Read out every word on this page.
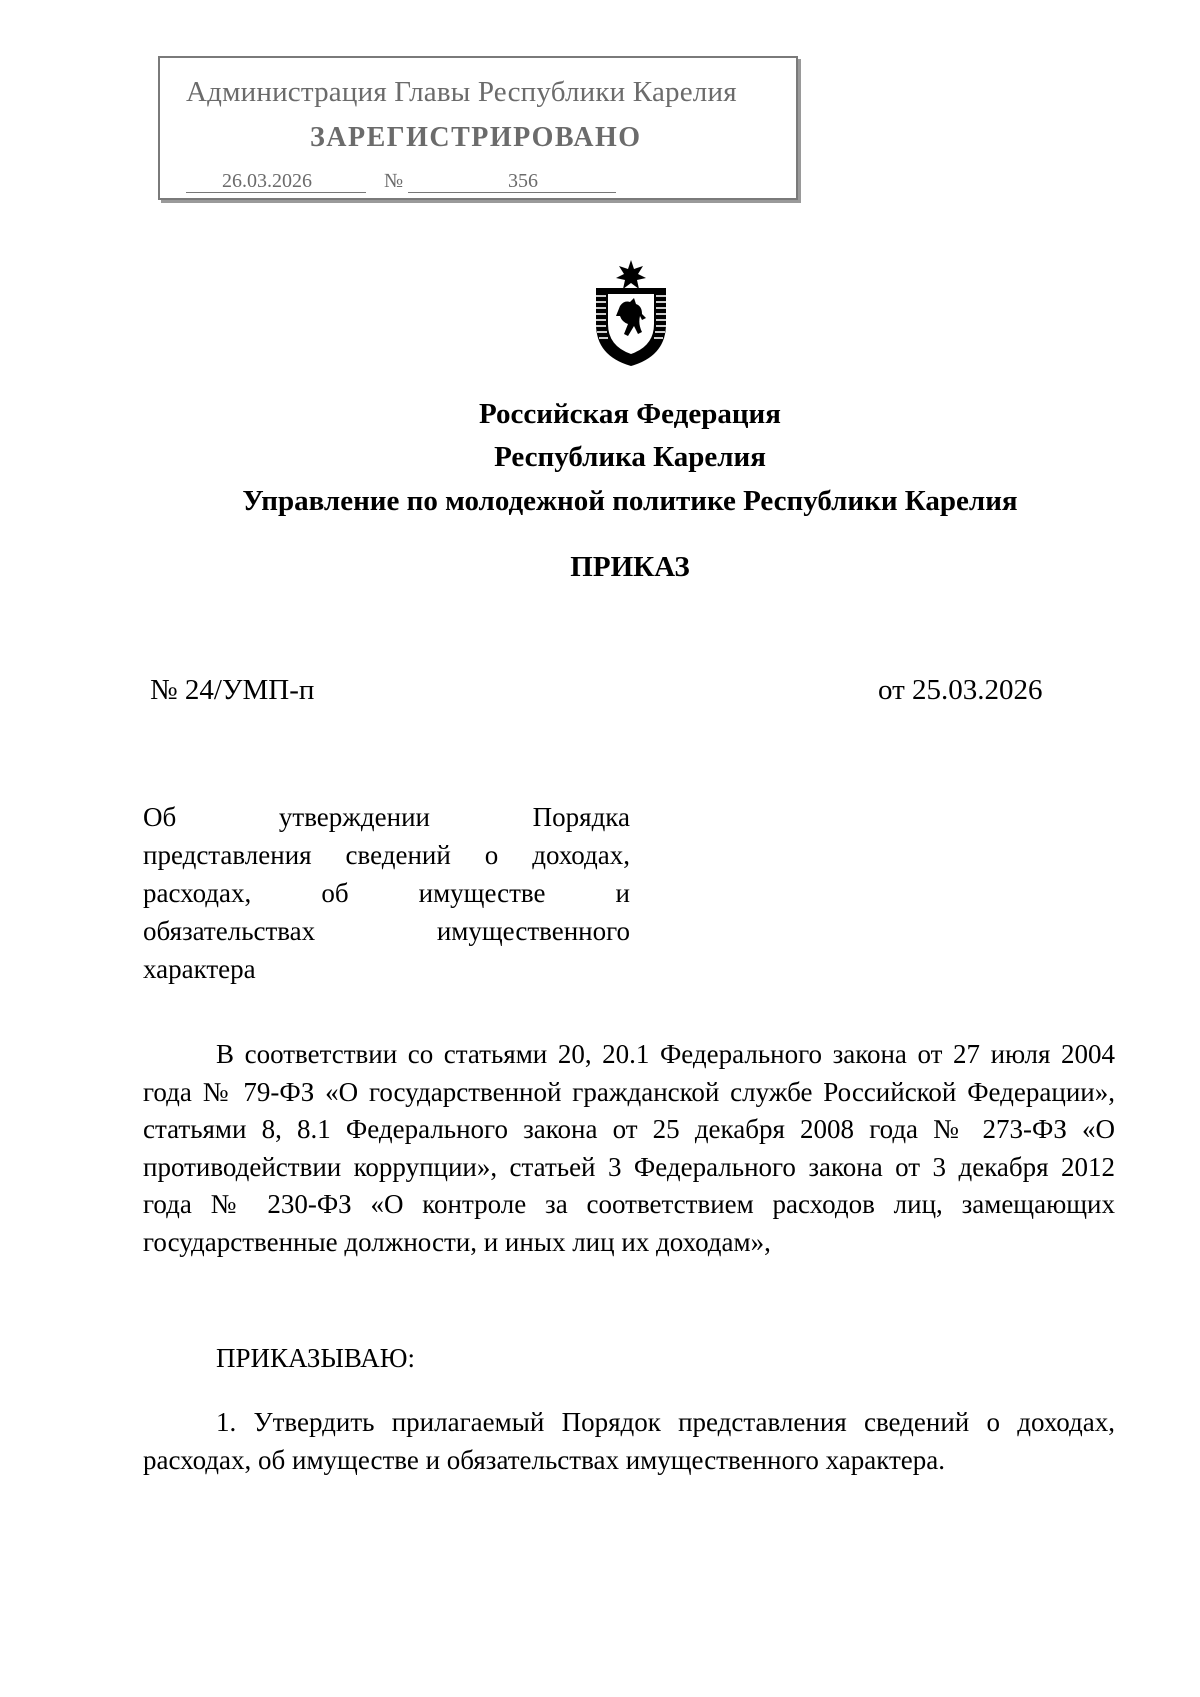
Администрация Главы Республики Карелия
ЗАРЕГИСТРИРОВАНО
26.03.2026	№	356
Российская Федерация
Республика Карелия
Управление по молодежной политике Республики Карелия
ПРИКАЗ
№ 24/УМП-п	от 25.03.2026
Об утверждении Порядка
представления сведений о доходах,
расходах, об имуществе и
обязательствах имущественного
характера
В соответствии со статьями 20, 20.1 Федерального закона от 27 июля 2004 года № 79-ФЗ «О государственной гражданской службе Российской Федерации», статьями 8, 8.1 Федерального закона от 25 декабря 2008 года № 273-ФЗ «О противодействии коррупции», статьей 3 Федерального закона от 3 декабря 2012 года № 230-ФЗ «О контроле за соответствием расходов лиц, замещающих государственные должности, и иных лиц их доходам»,
ПРИКАЗЫВАЮ:
1. Утвердить прилагаемый Порядок представления сведений о доходах, расходах, об имуществе и обязательствах имущественного характера.
